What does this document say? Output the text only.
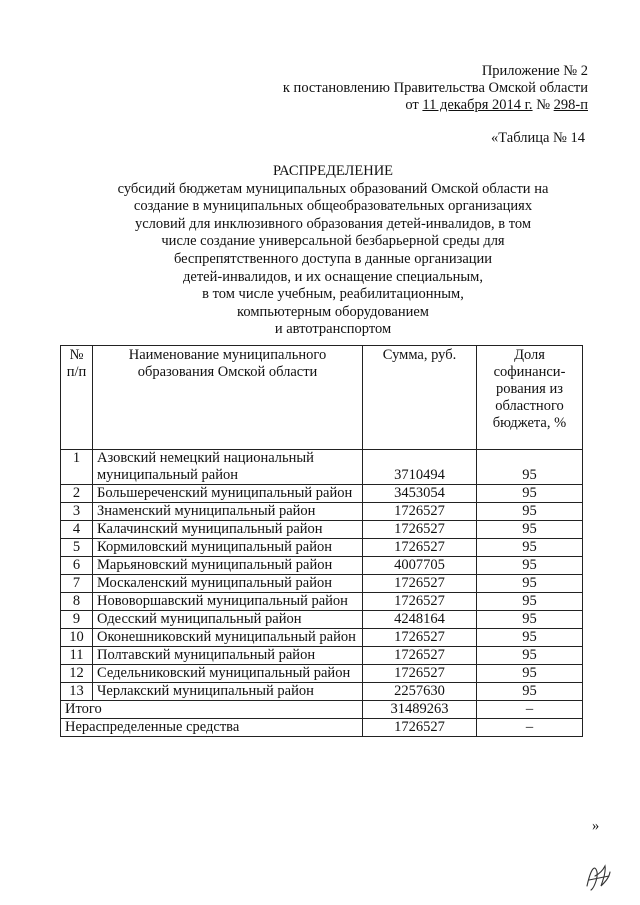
Приложение № 2
к постановлению Правительства Омской области
от 11 декабря 2014 г. № 298-п
«Таблица № 14
РАСПРЕДЕЛЕНИЕ
субсидий бюджетам муниципальных образований Омской области на
создание в муниципальных общеобразовательных организациях
условий для инклюзивного образования детей-инвалидов, в том
числе создание универсальной безбарьерной среды для
беспрепятственного доступа в данные организации
детей-инвалидов, и их оснащение специальным,
в том числе учебным, реабилитационным,
компьютерным оборудованием
и автотранспортом
№ п/п	Наименование муниципального образования Омской области	Сумма, руб.	Доля софинанси-рования из областного бюджета, %
1	Азовский немецкий национальный муниципальный район	3710494	95
2	Большереченский муниципальный район	3453054	95
3	Знаменский муниципальный район	1726527	95
4	Калачинский муниципальный район	1726527	95
5	Кормиловский муниципальный район	1726527	95
6	Марьяновский муниципальный район	4007705	95
7	Москаленский муниципальный район	1726527	95
8	Нововоршавский муниципальный район	1726527	95
9	Одесский муниципальный район	4248164	95
10	Оконешниковский муниципальный район	1726527	95
11	Полтавский муниципальный район	1726527	95
12	Седельниковский муниципальный район	1726527	95
13	Черлакский муниципальный район	2257630	95
Итого		31489263	–
Нераспределенные средства		1726527	–
»
